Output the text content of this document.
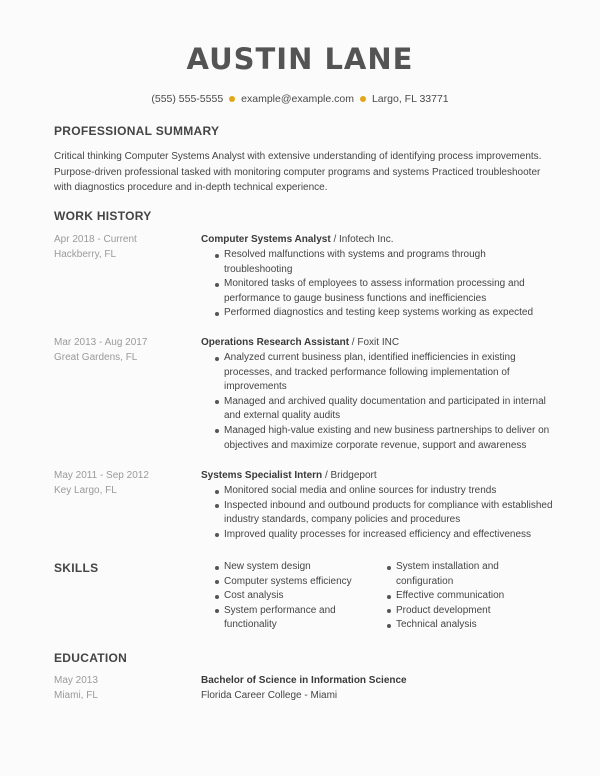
AUSTIN LANE
(555) 555-5555 example@example.com Largo, FL 33771
PROFESSIONAL SUMMARY
Critical thinking Computer Systems Analyst with extensive understanding of identifying process improvements. Purpose-driven professional tasked with monitoring computer programs and systems Practiced troubleshooter with diagnostics procedure and in-depth technical experience.
WORK HISTORY
Apr 2018 - Current
Hackberry, FL
Computer Systems Analyst / Infotech Inc.
Resolved malfunctions with systems and programs through troubleshooting
Monitored tasks of employees to assess information processing and performance to gauge business functions and inefficiencies
Performed diagnostics and testing keep systems working as expected
Mar 2013 - Aug 2017
Great Gardens, FL
Operations Research Assistant / Foxit INC
Analyzed current business plan, identified inefficiencies in existing processes, and tracked performance following implementation of improvements
Managed and archived quality documentation and participated in internal and external quality audits
Managed high-value existing and new business partnerships to deliver on objectives and maximize corporate revenue, support and awareness
May 2011 - Sep 2012
Key Largo, FL
Systems Specialist Intern / Bridgeport
Monitored social media and online sources for industry trends
Inspected inbound and outbound products for compliance with established industry standards, company policies and procedures
Improved quality processes for increased efficiency and effectiveness
SKILLS	New system design
Computer systems efficiency
Cost analysis
System performance and functionality
System installation and configuration
Effective communication
Product development
Technical analysis
EDUCATION
May 2013
Miami, FL
Bachelor of Science in Information Science
Florida Career College - Miami
